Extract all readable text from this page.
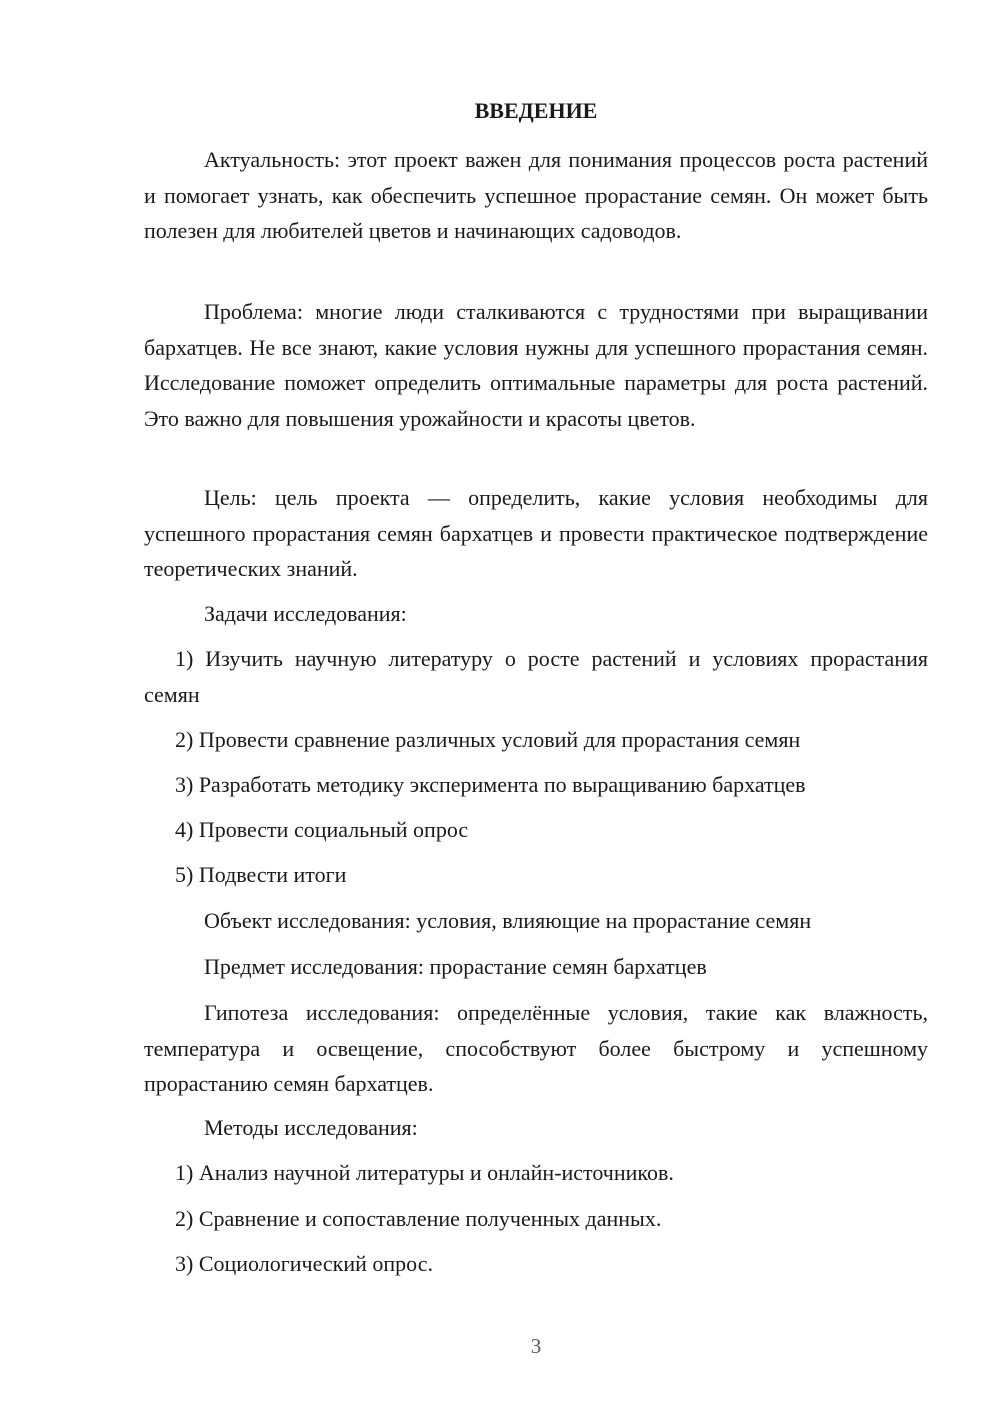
ВВЕДЕНИЕ

Актуальность: этот проект важен для понимания процессов роста растений и помогает узнать, как обеспечить успешное прорастание семян. Он может быть полезен для любителей цветов и начинающих садоводов.

Проблема: многие люди сталкиваются с трудностями при выращивании бархатцев. Не все знают, какие условия нужны для успешного прорастания семян. Исследование поможет определить оптимальные параметры для роста растений. Это важно для повышения урожайности и красоты цветов.

Цель: цель проекта — определить, какие условия необходимы для успешного прорастания семян бархатцев и провести практическое подтверждение теоретических знаний.

Задачи исследования:

1) Изучить научную литературу о росте растений и условиях прорастания семян

2) Провести сравнение различных условий для прорастания семян

3) Разработать методику эксперимента по выращиванию бархатцев

4) Провести социальный опрос

5) Подвести итоги

Объект исследования: условия, влияющие на прорастание семян

Предмет исследования: прорастание семян бархатцев

Гипотеза исследования: определённые условия, такие как влажность, температура и освещение, способствуют более быстрому и успешному прорастанию семян бархатцев.

Методы исследования:

1) Анализ научной литературы и онлайн-источников.

2) Сравнение и сопоставление полученных данных.

3) Социологический опрос.

3
